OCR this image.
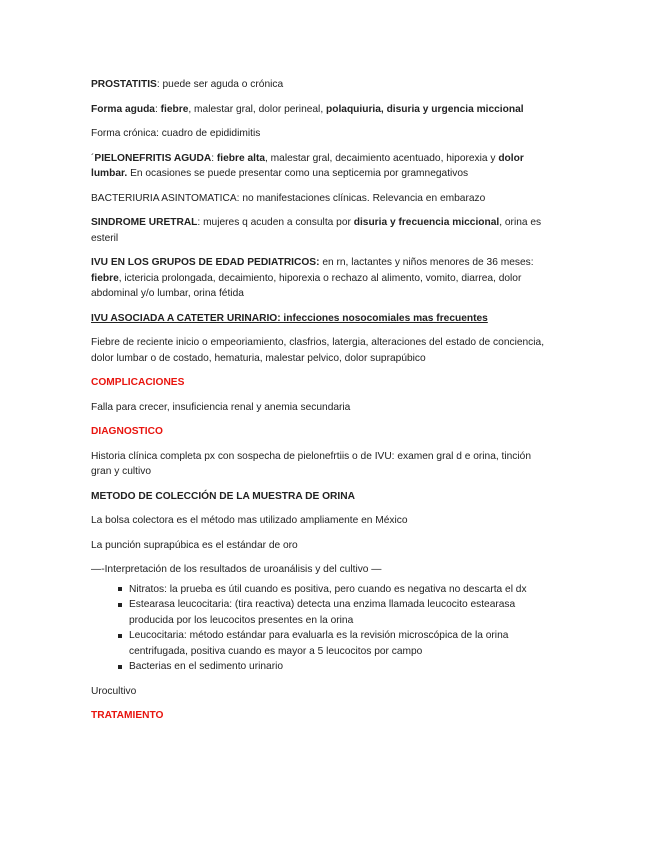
PROSTATITIS: puede ser aguda o crónica

Forma aguda: fiebre, malestar gral, dolor perineal, polaquiuria, disuria y urgencia miccional

Forma crónica: cuadro de epididimitis

´PIELONEFRITIS AGUDA: fiebre alta, malestar gral, decaimiento acentuado, hiporexia y dolor lumbar. En ocasiones se puede presentar como una septicemia por gramnegativos

BACTERIURIA ASINTOMATICA: no manifestaciones clínicas. Relevancia en embarazo

SINDROME URETRAL: mujeres q acuden a consulta por disuria y frecuencia miccional, orina es esteril

IVU EN LOS GRUPOS DE EDAD PEDIATRICOS: en rn, lactantes y niños menores de 36 meses: fiebre, ictericia prolongada, decaimiento, hiporexia o rechazo al alimento, vomito, diarrea, dolor abdominal y/o lumbar, orina fétida

IVU ASOCIADA A CATETER URINARIO: infecciones nosocomiales mas frecuentes

Fiebre de reciente inicio o empeoriamiento, clasfrios, latergia, alteraciones del estado de conciencia, dolor lumbar o de costado, hematuria, malestar pelvico, dolor suprapúbico

COMPLICACIONES

Falla para crecer, insuficiencia renal y anemia secundaria

DIAGNOSTICO

Historia clínica completa px con sospecha de pielonefrtiis o de IVU: examen gral d e orina, tinción gran y cultivo

METODO DE COLECCIÓN DE LA MUESTRA DE ORINA

La bolsa colectora es el método mas utilizado ampliamente en México

La punción suprapúbica es el estándar de oro

—-Interpretación de los resultados de uroanálisis y del cultivo —

Nitratos: la prueba es útil cuando es positiva, pero cuando es negativa no descarta el dx
Estearasa leucocitaria: (tira reactiva) detecta una enzima llamada leucocito estearasa producida por los leucocitos presentes en la orina
Leucocitaria: método estándar para evaluarla es la revisión microscópica de la orina centrifugada, positiva cuando es mayor a 5 leucocitos por campo
Bacterias en el sedimento urinario

Urocultivo

TRATAMIENTO
